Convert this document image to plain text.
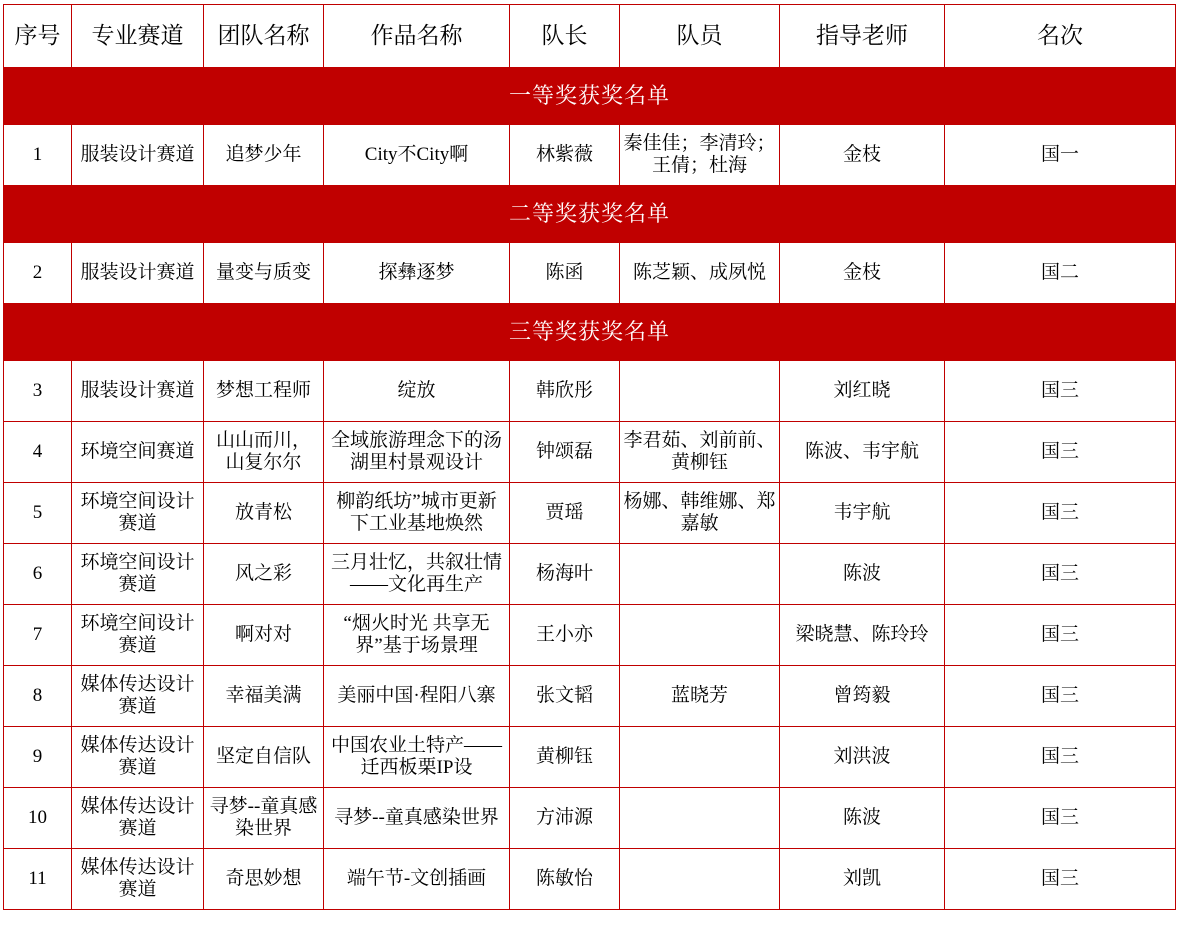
序号	专业赛道	团队名称	作品名称	队长	队员	指导老师	名次
一等奖获奖名单							
1	服装设计赛道	追梦少年	City不City啊	林紫薇	秦佳佳；李清玲；王倩；杜海	金枝	国一
二等奖获奖名单							
2	服装设计赛道	量变与质变	探彝逐梦	陈函	陈芝颖、成夙悦	金枝	国二
三等奖获奖名单							
3	服装设计赛道	梦想工程师	绽放	韩欣彤		刘红晓	国三
4	环境空间赛道	山山而川，山复尔尔	全域旅游理念下的汤湖里村景观设计	钟颂磊	李君茹、刘前前、黄柳钰	陈波、韦宇航	国三
5	环境空间设计赛道	放青松	柳韵纸坊”城市更新下工业基地焕然	贾瑶	杨娜、韩维娜、郑嘉敏	韦宇航	国三
6	环境空间设计赛道	风之彩	三月壮忆，共叙壮情——文化再生产	杨海叶		陈波	国三
7	环境空间设计赛道	啊对对	“烟火时光 共享无界”基于场景理	王小亦		梁晓慧、陈玲玲	国三
8	媒体传达设计赛道	幸福美满	美丽中国·程阳八寨	张文韬	蓝晓芳	曾筠毅	国三
9	媒体传达设计赛道	坚定自信队	中国农业土特产——迁西板栗IP设	黄柳钰		刘洪波	国三
10	媒体传达设计赛道	寻梦--童真感染世界	寻梦--童真感染世界	方沛源		陈波	国三
11	媒体传达设计赛道	奇思妙想	端午节-文创插画	陈敏怡		刘凯	国三
